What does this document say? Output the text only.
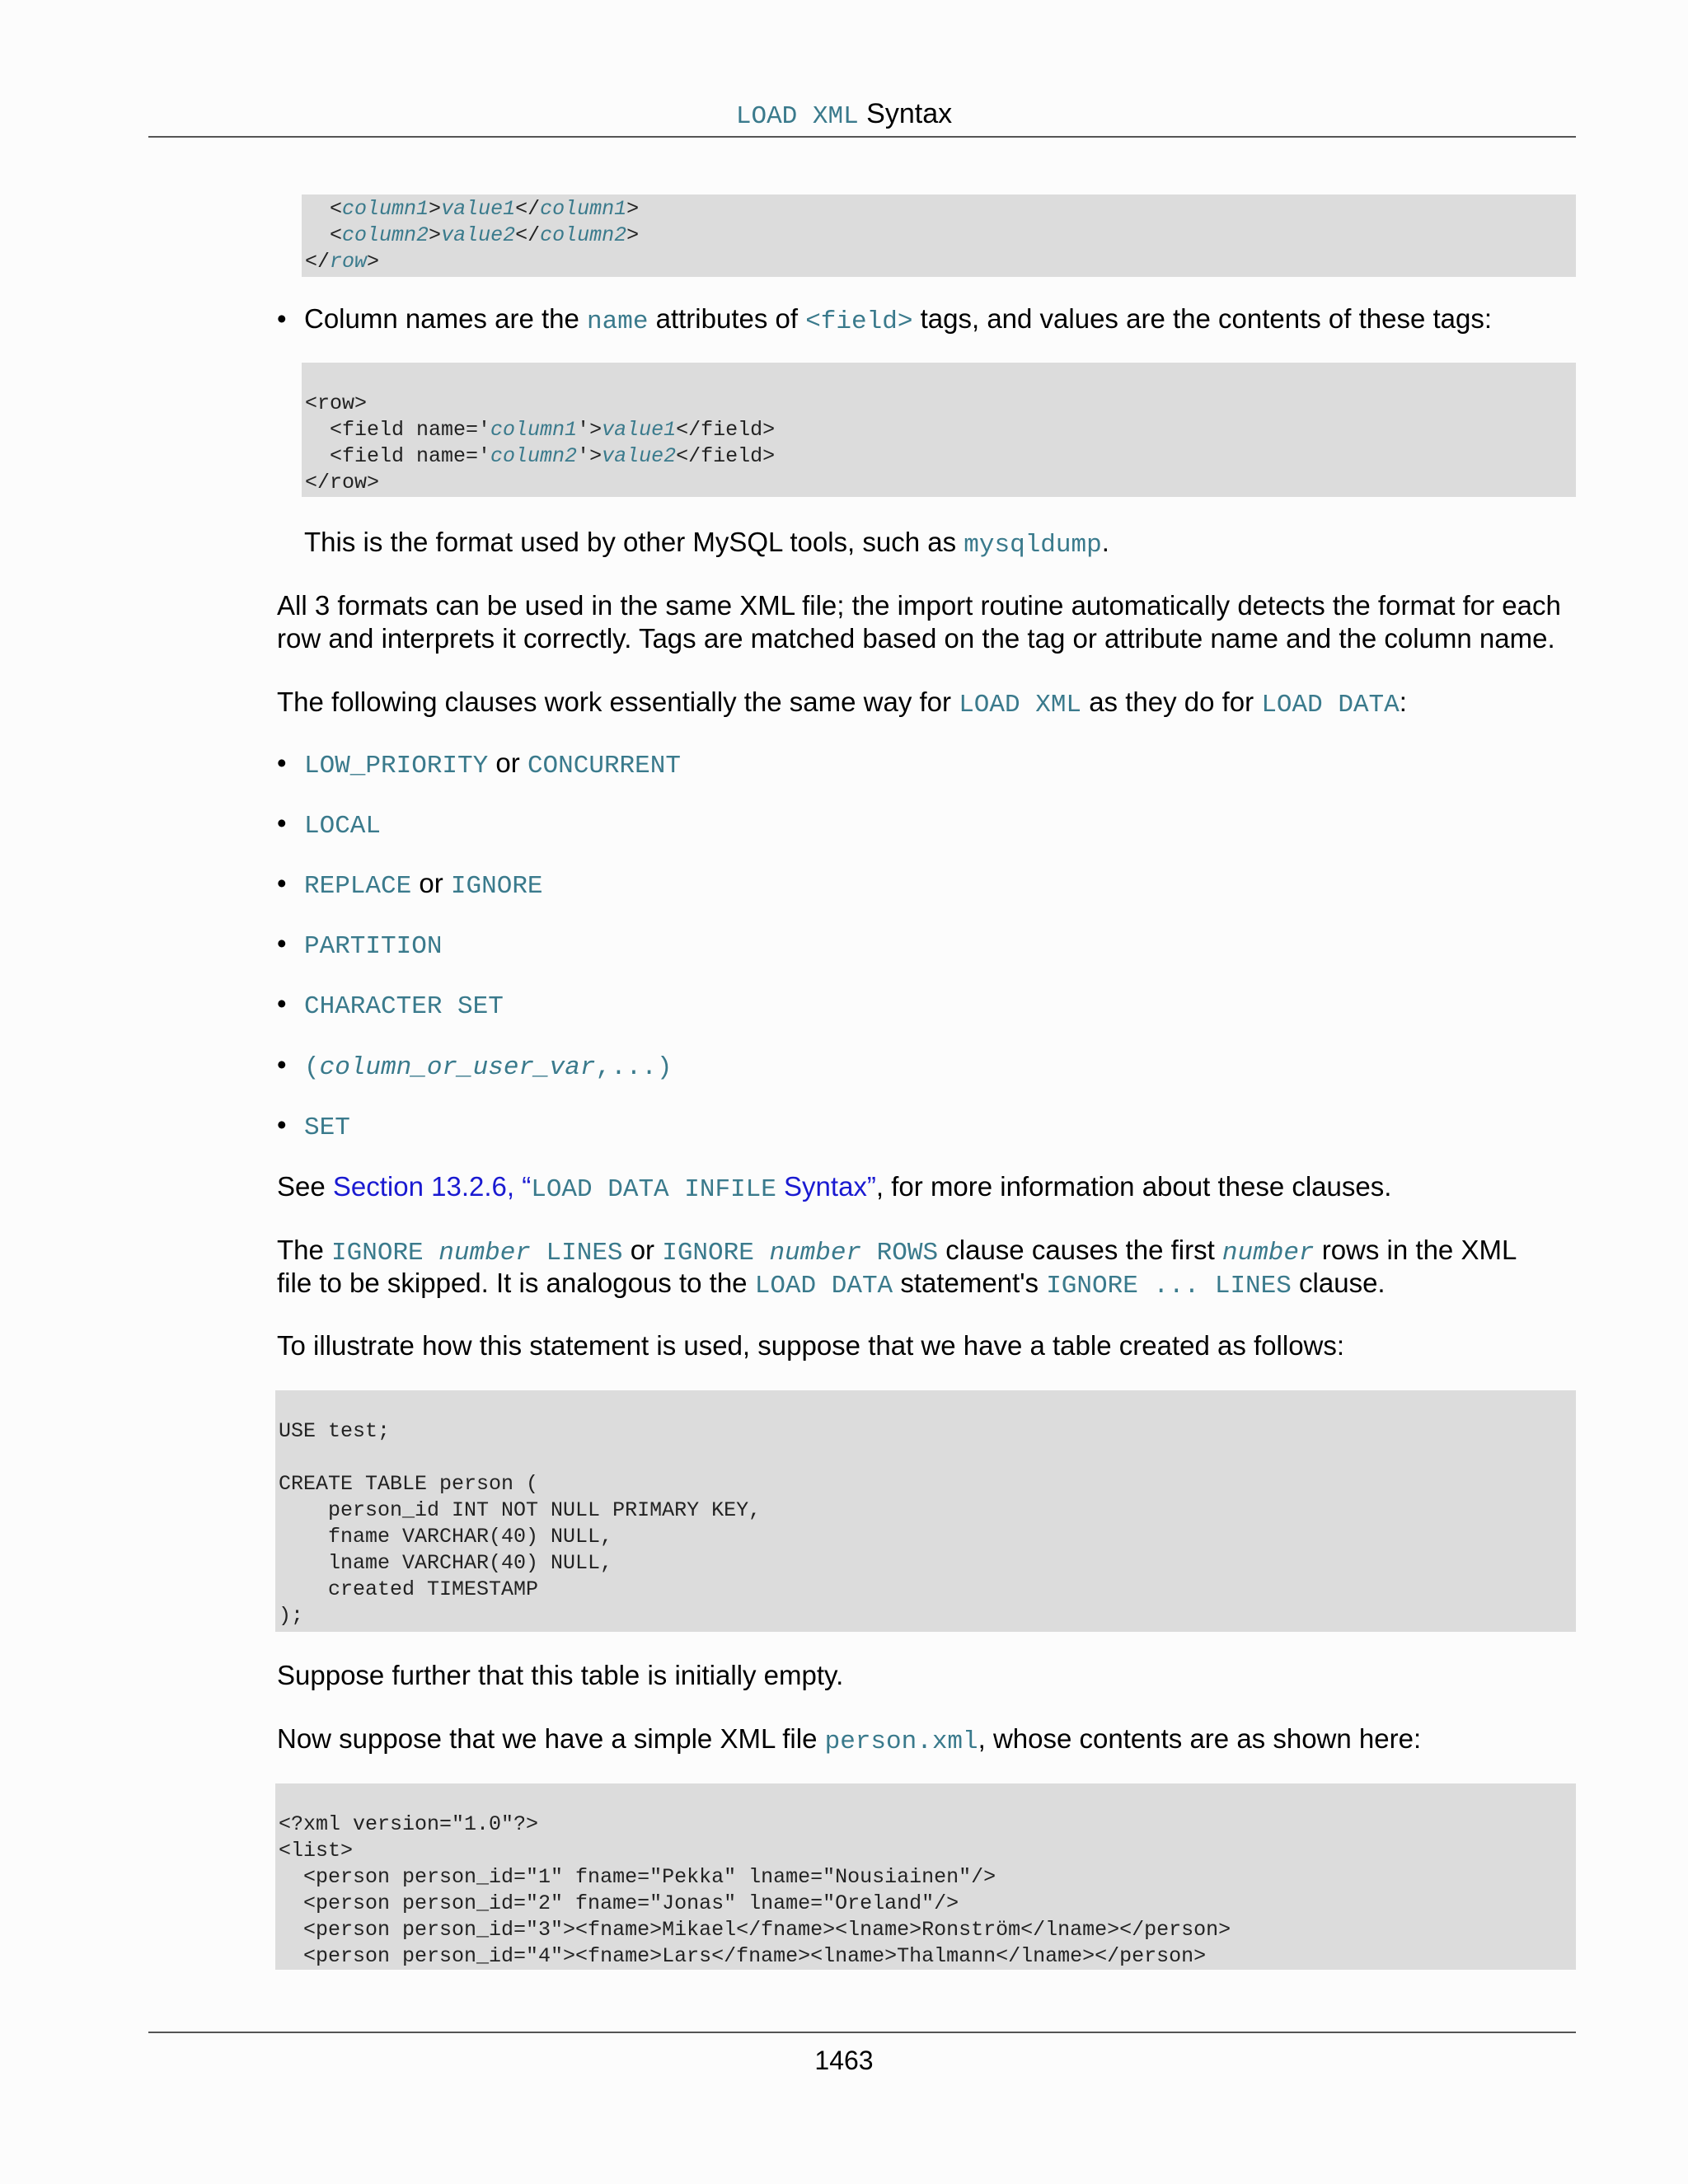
LOAD XML Syntax
<column1>value1</column1>
<column2>value2</column2>
</row>
• Column names are the name attributes of <field> tags, and values are the contents of these tags:
<row>
<field name='column1'>value1</field>
<field name='column2'>value2</field>
</row>
This is the format used by other MySQL tools, such as mysqldump.
All 3 formats can be used in the same XML file; the import routine automatically detects the format for each
row and interprets it correctly. Tags are matched based on the tag or attribute name and the column name.
The following clauses work essentially the same way for LOAD XML as they do for LOAD DATA:
• LOW_PRIORITY or CONCURRENT
• LOCAL
• REPLACE or IGNORE
• PARTITION
• CHARACTER SET
• (column_or_user_var,...)
• SET
See Section 13.2.6, “LOAD DATA INFILE Syntax”, for more information about these clauses.
The IGNORE number LINES or IGNORE number ROWS clause causes the first number rows in the XML
file to be skipped. It is analogous to the LOAD DATA statement's IGNORE ... LINES clause.
To illustrate how this statement is used, suppose that we have a table created as follows:
USE test;

CREATE TABLE person (
person_id INT NOT NULL PRIMARY KEY,
fname VARCHAR(40) NULL,
lname VARCHAR(40) NULL,
created TIMESTAMP
);
Suppose further that this table is initially empty.
Now suppose that we have a simple XML file person.xml, whose contents are as shown here:
<?xml version="1.0"?>
<list>
<person person_id="1" fname="Pekka" lname="Nousiainen"/>
<person person_id="2" fname="Jonas" lname="Oreland"/>
<person person_id="3"><fname>Mikael</fname><lname>Ronström</lname></person>
<person person_id="4"><fname>Lars</fname><lname>Thalmann</lname></person>
1463
